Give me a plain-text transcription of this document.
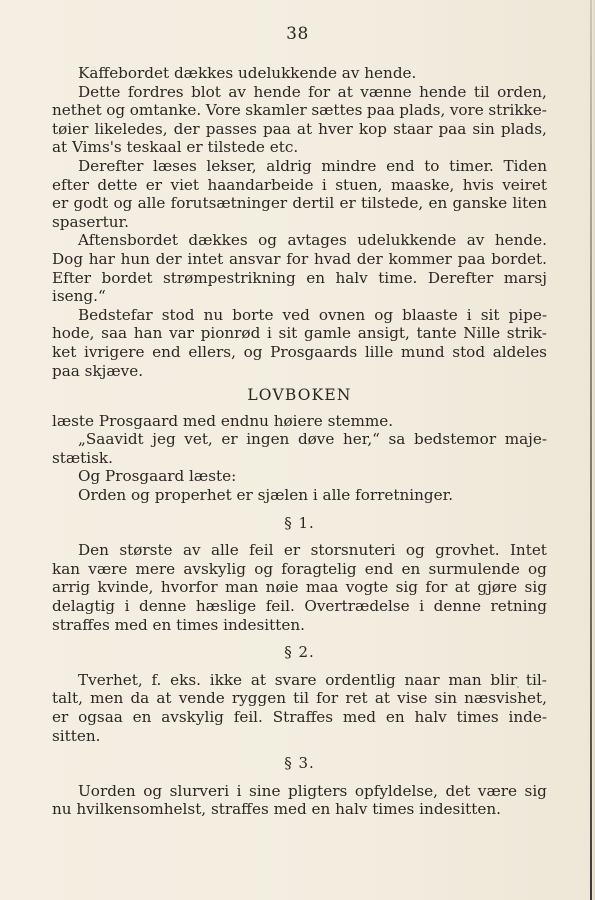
38
Kaffebordet dækkes udelukkende av hende.
Dette fordres blot av hende for at vænne hende til orden,
nethet og omtanke. Vore skamler sættes paa plads, vore strikke-
tøier likeledes, der passes paa at hver kop staar paa sin plads,
at Vims's teskaal er tilstede etc.
Derefter læses lekser, aldrig mindre end to timer. Tiden
efter dette er viet haandarbeide i stuen, maaske, hvis veiret
er godt og alle forutsætninger dertil er tilstede, en ganske liten
spasertur.
Aftensbordet dækkes og avtages udelukkende av hende.
Dog har hun der intet ansvar for hvad der kommer paa bordet.
Efter bordet strømpestrikning en halv time. Derefter marsj
iseng.“
Bedstefar stod nu borte ved ovnen og blaaste i sit pipe-
hode, saa han var pionrød i sit gamle ansigt, tante Nille strik-
ket ivrigere end ellers, og Prosgaards lille mund stod aldeles
paa skjæve.
LOVBOKEN
læste Prosgaard med endnu høiere stemme.
„Saavidt jeg vet, er ingen døve her,“ sa bedstemor maje-
stætisk.
Og Prosgaard læste:
Orden og properhet er sjælen i alle forretninger.
§ 1.
Den største av alle feil er storsnuteri og grovhet. Intet
kan være mere avskylig og foragtelig end en surmulende og
arrig kvinde, hvorfor man nøie maa vogte sig for at gjøre sig
delagtig i denne hæslige feil. Overtrædelse i denne retning
straffes med en times indesitten.
§ 2.
Tverhet, f. eks. ikke at svare ordentlig naar man blir til-
talt, men da at vende ryggen til for ret at vise sin næsvishet,
er ogsaa en avskylig feil. Straffes med en halv times inde-
sitten.
§ 3.
Uorden og slurveri i sine pligters opfyldelse, det være sig
nu hvilkensomhelst, straffes med en halv times indesitten.
